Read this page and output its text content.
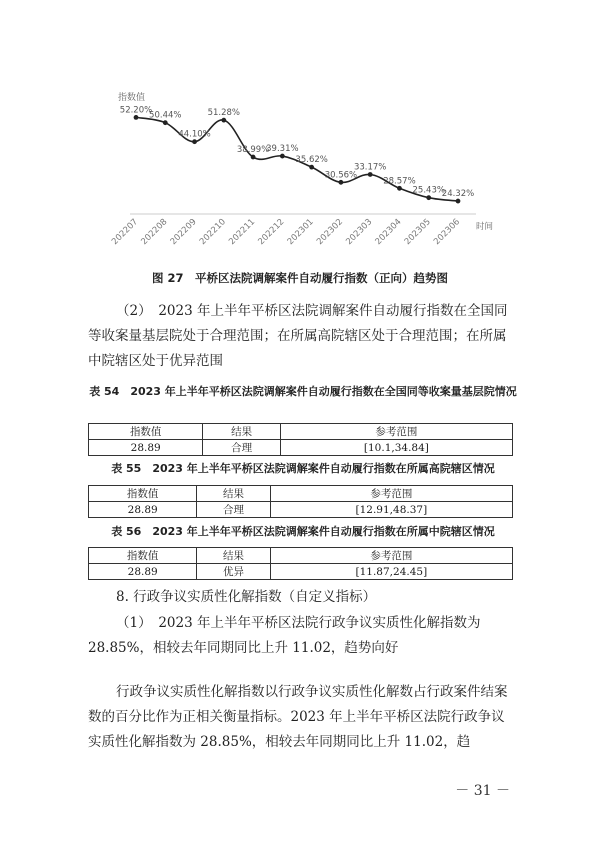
指数值
时间
52.20%
202207
50.44%
202208
44.10%
202209
51.28%
202210
38.99%
202211
39.31%
202212
35.62%
202301
30.56%
202302
33.17%
202303
28.57%
202304
25.43%
202305
24.32%
202306
图 27　平桥区法院调解案件自动履行指数（正向）趋势图
（2）　2023 年上半年平桥区法院调解案件自动履行指数在全国同等收案量基层院处于合理范围；在所属高院辖区处于合理范围；在所属中院辖区处于优异范围
表 54　2023 年上半年平桥区法院调解案件自动履行指数在全国同等收案量基层院情况
指数值	结果	参考范围
28.89	合理	[10.1,34.84]
表 55　2023 年上半年平桥区法院调解案件自动履行指数在所属高院辖区情况
指数值	结果	参考范围
28.89	合理	[12.91,48.37]
表 56　2023 年上半年平桥区法院调解案件自动履行指数在所属中院辖区情况
指数值	结果	参考范围
28.89	优异	[11.87,24.45]
8. 行政争议实质性化解指数（自定义指标）
（1）　2023 年上半年平桥区法院行政争议实质性化解指数为 28.85%，相较去年同期同比上升 11.02，趋势向好
行政争议实质性化解指数以行政争议实质性化解数占行政案件结案数的百分比作为正相关衡量指标。2023 年上半年平桥区法院行政争议实质性化解指数为 28.85%，相较去年同期同比上升 11.02，趋
－ 31 －
